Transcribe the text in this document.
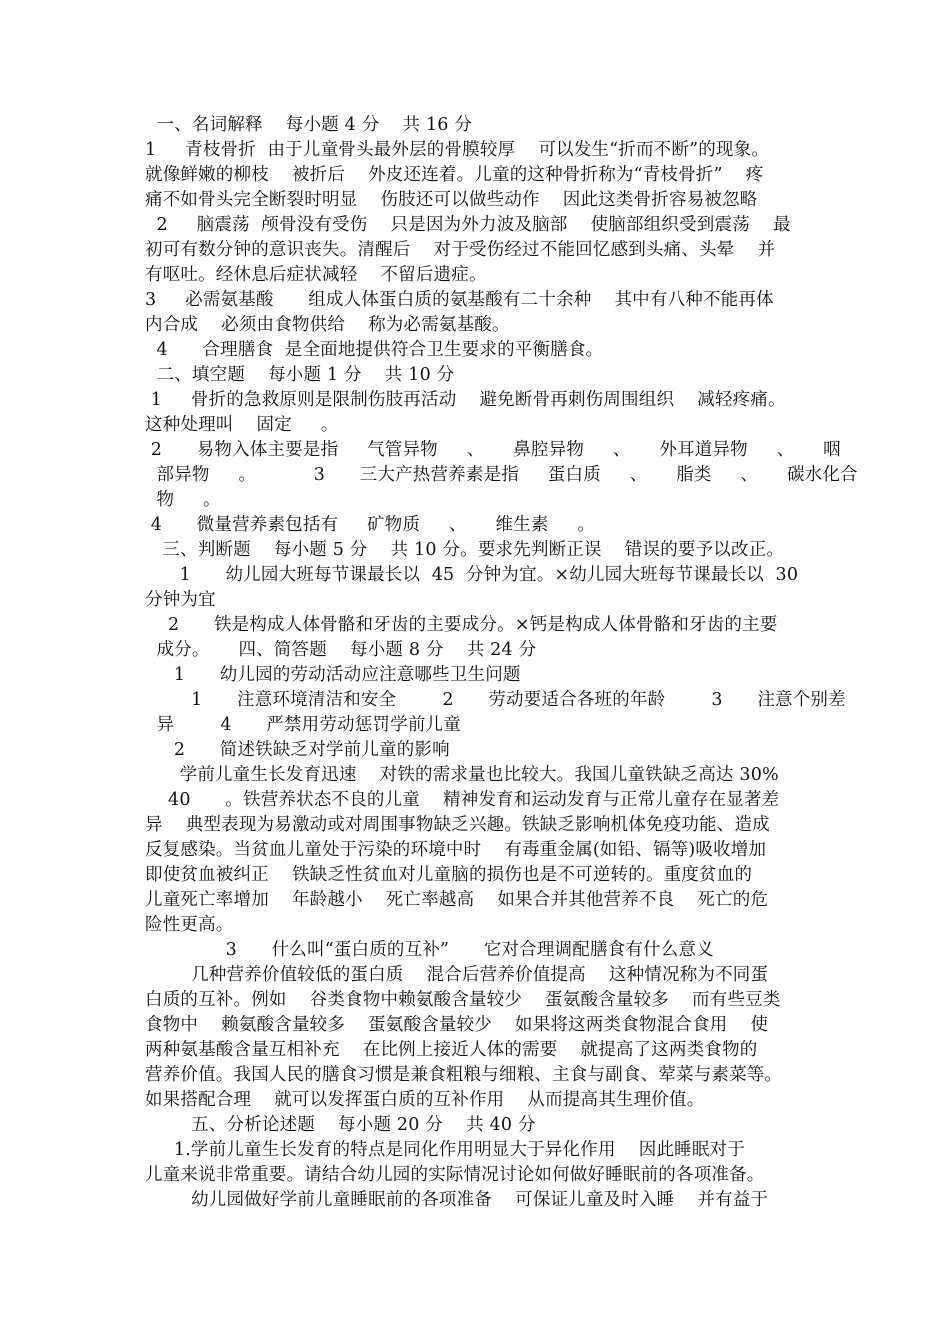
一、名词解释    每小题 4 分    共 16 分
1     青枝骨折  由于儿童骨头最外层的骨膜较厚    可以发生“折而不断”的现象。
就像鲜嫩的柳枝    被折后    外皮还连着。儿童的这种骨折称为“青枝骨折”    疼
痛不如骨头完全断裂时明显    伤肢还可以做些动作    因此这类骨折容易被忽略
2     脑震荡  颅骨没有受伤    只是因为外力波及脑部    使脑部组织受到震荡    最
初可有数分钟的意识丧失。清醒后    对于受伤经过不能回忆感到头痛、头晕    并
有呕吐。经休息后症状减轻    不留后遗症。
3     必需氨基酸      组成人体蛋白质的氨基酸有二十余种    其中有八种不能再体
内合成    必须由食物供给    称为必需氨基酸。
4      合理膳食  是全面地提供符合卫生要求的平衡膳食。
二、填空题    每小题 1 分    共 10 分
1     骨折的急救原则是限制伤肢再活动    避免断骨再刺伤周围组织    减轻疼痛。
这种处理叫    固定     。
2      易物入体主要是指     气管异物     、     鼻腔异物     、     外耳道异物     、     咽
部异物     。          3      三大产热营养素是指     蛋白质     、     脂类     、     碳水化合
物     。
4      微量营养素包括有     矿物质     、     维生素     。
三、判断题    每小题 5 分    共 10 分。要求先判断正误    错误的要予以改正。
1      幼儿园大班每节课最长以  45  分钟为宜。×幼儿园大班每节课最长以  30
分钟为宜
2      铁是构成人体骨骼和牙齿的主要成分。×钙是构成人体骨骼和牙齿的主要
成分。     四、简答题    每小题 8 分    共 24 分
1      幼儿园的劳动活动应注意哪些卫生问题
1      注意环境清洁和安全        2      劳动要适合各班的年龄        3      注意个别差
异        4      严禁用劳动惩罚学前儿童
2      简述铁缺乏对学前儿童的影响
学前儿童生长发育迅速    对铁的需求量也比较大。我国儿童铁缺乏高达 30%
40      。铁营养状态不良的儿童    精神发育和运动发育与正常儿童存在显著差
异    典型表现为易激动或对周围事物缺乏兴趣。铁缺乏影响机体免疫功能、造成
反复感染。当贫血儿童处于污染的环境中时    有毒重金属(如铅、镉等)吸收增加
即使贫血被纠正    铁缺乏性贫血对儿童脑的损伤也是不可逆转的。重度贫血的
儿童死亡率增加    年龄越小    死亡率越高    如果合并其他营养不良    死亡的危
险性更高。
3      什么叫“蛋白质的互补”      它对合理调配膳食有什么意义
几种营养价值较低的蛋白质    混合后营养价值提高    这种情况称为不同蛋
白质的互补。例如    谷类食物中赖氨酸含量较少    蛋氨酸含量较多    而有些豆类
食物中    赖氨酸含量较多    蛋氨酸含量较少    如果将这两类食物混合食用    使
两种氨基酸含量互相补充    在比例上接近人体的需要    就提高了这两类食物的
营养价值。我国人民的膳食习惯是兼食粗粮与细粮、主食与副食、荤菜与素菜等。
如果搭配合理    就可以发挥蛋白质的互补作用    从而提高其生理价值。
五、分析论述题    每小题 20 分    共 40 分
1.学前儿童生长发育的特点是同化作用明显大于异化作用    因此睡眠对于
儿童来说非常重要。请结合幼儿园的实际情况讨论如何做好睡眠前的各项准备。
幼儿园做好学前儿童睡眠前的各项准备    可保证儿童及时入睡    并有益于
